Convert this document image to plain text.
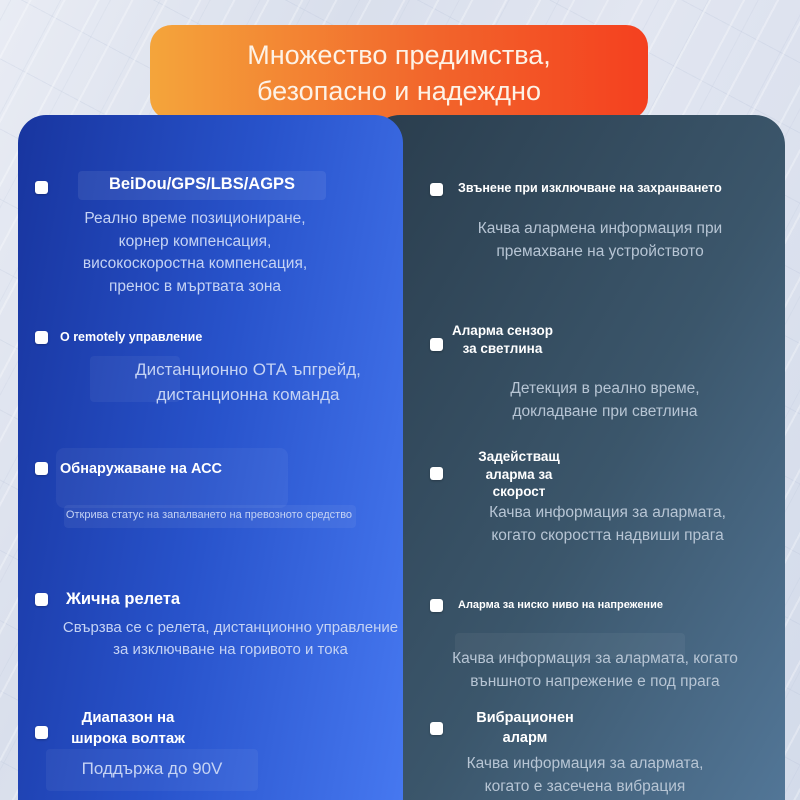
Множество предимства,
безопасно и надеждно
Звънене при изключване на захранването
Качва алармена информация при
премахване на устройството
Аларма сензор
за светлина
Детекция в реално време,
докладване при светлина
Задействащ
аларма за
скорост
Качва информация за алармата,
когато скоростта надвиши прага
Аларма за ниско ниво на напрежение
Качва информация за алармата, когато
външното напрежение е под прага
Вибрационен
аларм
Качва информация за алармата,
когато е засечена вибрация
BeiDou/GPS/LBS/AGPS
Реално време позициониране,
корнер компенсация,
високоскоростна компенсация,
пренос в мъртвата зона
О remotely управление
Дистанционно ОТА ъпгрейд,
дистанционна команда
Обнаружаване на АСС
Открива статус на запалването на превозното средство
Жична релета
Свързва се с релета, дистанционно управление
за изключване на горивото и тока
Диапазон на
широка волтаж
Поддържа до 90V
